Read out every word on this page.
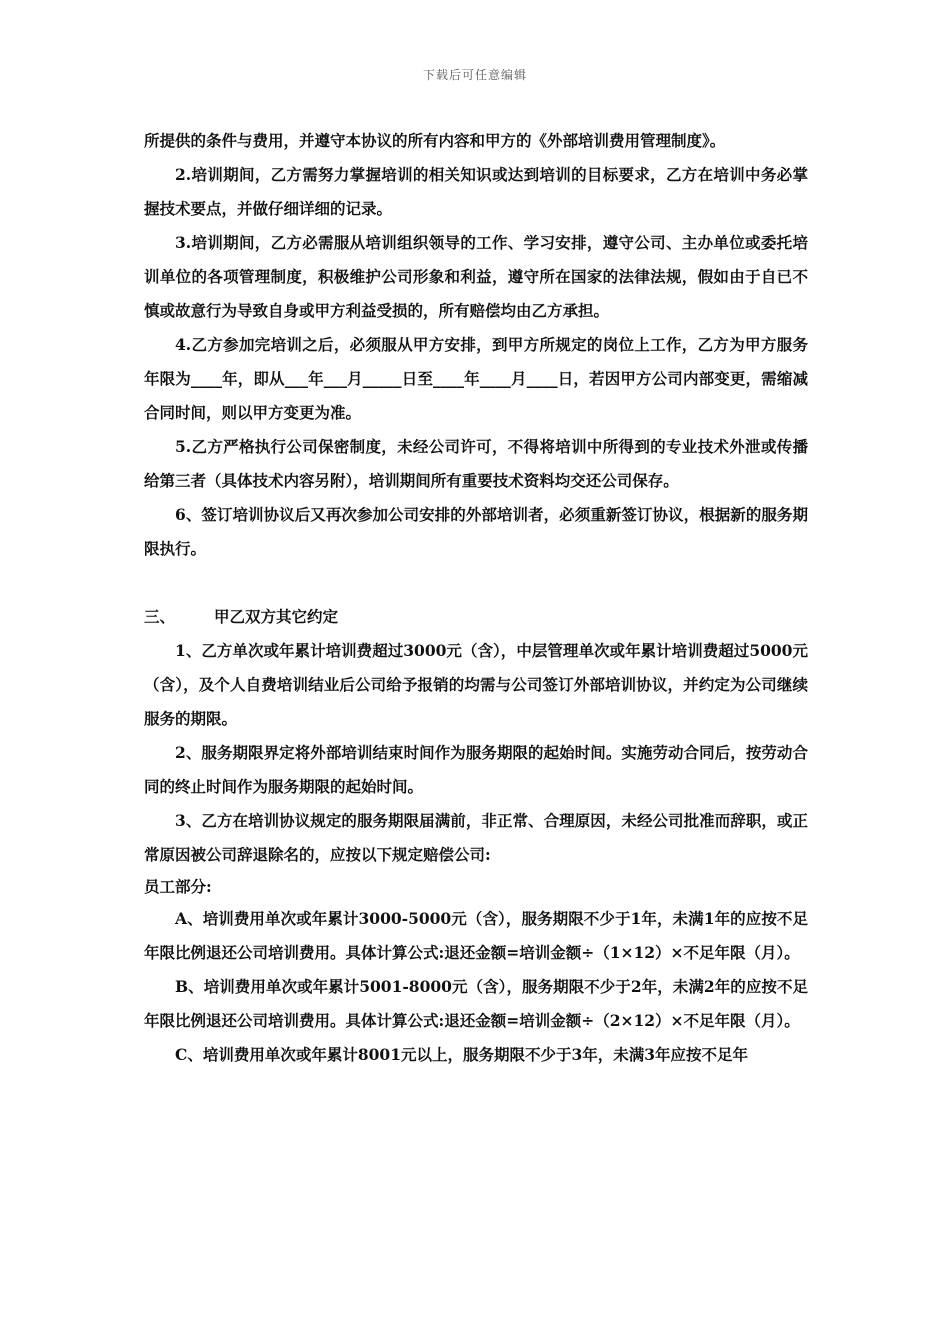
下载后可任意编辑

所提供的条件与费用，并遵守本协议的所有内容和甲方的《外部培训费用管理制度》。

2.培训期间，乙方需努力掌握培训的相关知识或达到培训的目标要求，乙方在培训中务必掌握技术要点，并做仔细详细的记录。

3.培训期间，乙方必需服从培训组织领导的工作、学习安排，遵守公司、主办单位或委托培训单位的各项管理制度，积极维护公司形象和利益，遵守所在国家的法律法规，假如由于自已不慎或故意行为导致自身或甲方利益受损的，所有赔偿均由乙方承担。

4.乙方参加完培训之后，必须服从甲方安排，到甲方所规定的岗位上工作，乙方为甲方服务年限为____年，即从___年___月_____日至____年____月____日，若因甲方公司内部变更，需缩减合同时间，则以甲方变更为准。

5.乙方严格执行公司保密制度，未经公司许可，不得将培训中所得到的专业技术外泄或传播给第三者（具体技术内容另附），培训期间所有重要技术资料均交还公司保存。

6、签订培训协议后又再次参加公司安排的外部培训者，必须重新签订协议，根据新的服务期限执行。

三、	甲乙双方其它约定

1、乙方单次或年累计培训费超过3000元（含），中层管理单次或年累计培训费超过5000元（含），及个人自费培训结业后公司给予报销的均需与公司签订外部培训协议，并约定为公司继续服务的期限。

2、服务期限界定将外部培训结束时间作为服务期限的起始时间。实施劳动合同后，按劳动合同的终止时间作为服务期限的起始时间。

3、乙方在培训协议规定的服务期限届满前，非正常、合理原因，未经公司批准而辞职，或正常原因被公司辞退除名的，应按以下规定赔偿公司:

员工部分:

A、培训费用单次或年累计3000-5000元（含），服务期限不少于1年，未满1年的应按不足年限比例退还公司培训费用。具体计算公式:退还金额=培训金额÷（1×12）×不足年限（月）。

B、培训费用单次或年累计5001-8000元（含），服务期限不少于2年，未满2年的应按不足年限比例退还公司培训费用。具体计算公式:退还金额=培训金额÷（2×12）×不足年限（月）。

C、培训费用单次或年累计8001元以上，服务期限不少于3年，未满3年应按不足年
